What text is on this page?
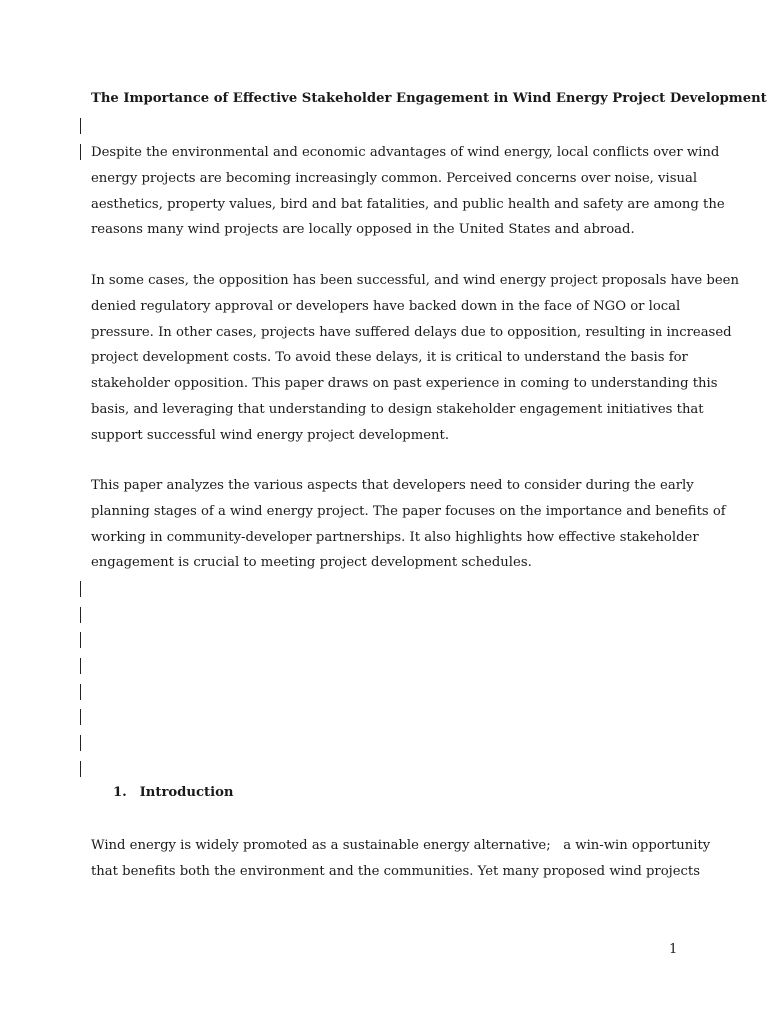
The Importance of Effective Stakeholder Engagement in Wind Energy Project Development
Despite the environmental and economic advantages of wind energy, local conflicts over wind
energy projects are becoming increasingly common. Perceived concerns over noise, visual
aesthetics, property values, bird and bat fatalities, and public health and safety are among the
reasons many wind projects are locally opposed in the United States and abroad.
In some cases, the opposition has been successful, and wind energy project proposals have been
denied regulatory approval or developers have backed down in the face of NGO or local
pressure. In other cases, projects have suffered delays due to opposition, resulting in increased
project development costs. To avoid these delays, it is critical to understand the basis for
stakeholder opposition. This paper draws on past experience in coming to understanding this
basis, and leveraging that understanding to design stakeholder engagement initiatives that
support successful wind energy project development.
This paper analyzes the various aspects that developers need to consider during the early
planning stages of a wind energy project. The paper focuses on the importance and benefits of
working in community-developer partnerships. It also highlights how effective stakeholder
engagement is crucial to meeting project development schedules.
1. Introduction
Wind energy is widely promoted as a sustainable energy alternative;   a win-win opportunity
that benefits both the environment and the communities. Yet many proposed wind projects
1
